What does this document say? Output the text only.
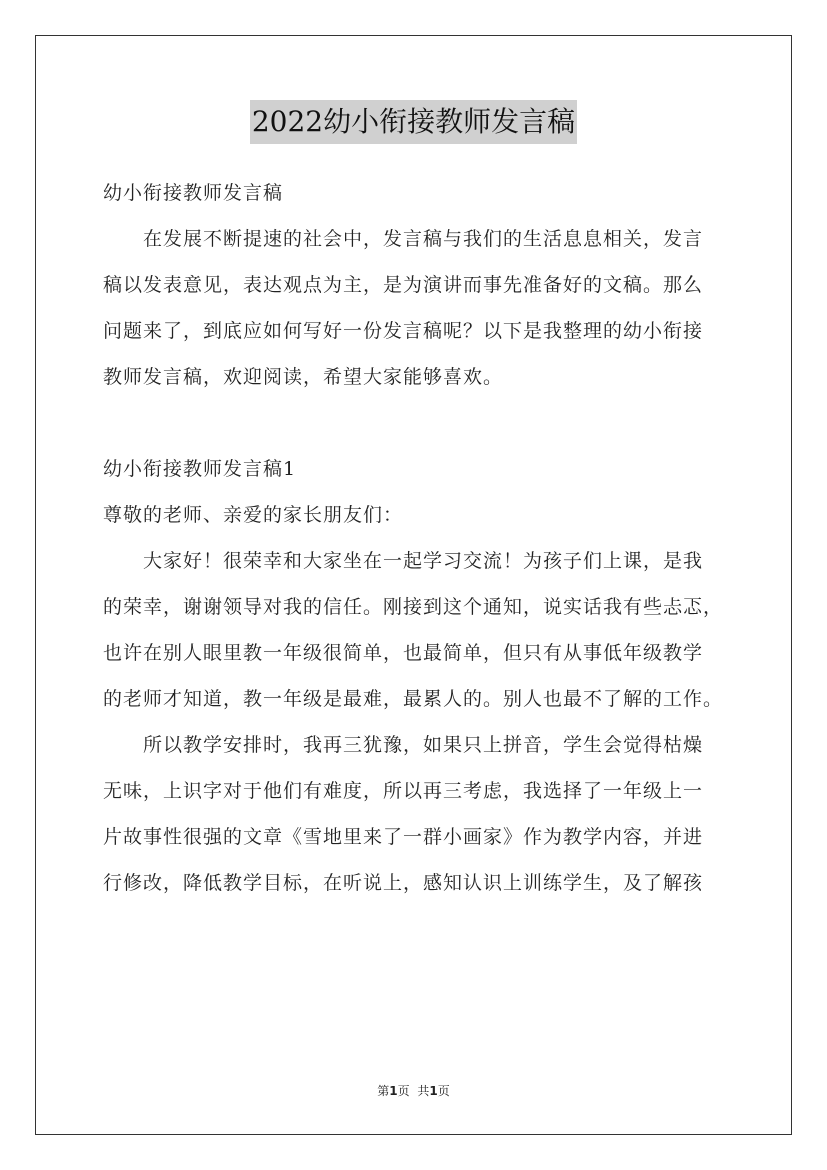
2022幼小衔接教师发言稿
幼小衔接教师发言稿
在发展不断提速的社会中，发言稿与我们的生活息息相关，发言
稿以发表意见，表达观点为主，是为演讲而事先准备好的文稿。那么
问题来了，到底应如何写好一份发言稿呢？以下是我整理的幼小衔接
教师发言稿，欢迎阅读，希望大家能够喜欢。
幼小衔接教师发言稿1
尊敬的老师、亲爱的家长朋友们：
大家好！很荣幸和大家坐在一起学习交流！为孩子们上课，是我
的荣幸，谢谢领导对我的信任。刚接到这个通知，说实话我有些忐忑，
也许在别人眼里教一年级很简单，也最简单，但只有从事低年级教学
的老师才知道，教一年级是最难，最累人的。别人也最不了解的工作。
所以教学安排时，我再三犹豫，如果只上拼音，学生会觉得枯燥
无味，上识字对于他们有难度，所以再三考虑，我选择了一年级上一
片故事性很强的文章《雪地里来了一群小画家》作为教学内容，并进
行修改，降低教学目标，在听说上，感知认识上训练学生，及了解孩
第1页 共1页
